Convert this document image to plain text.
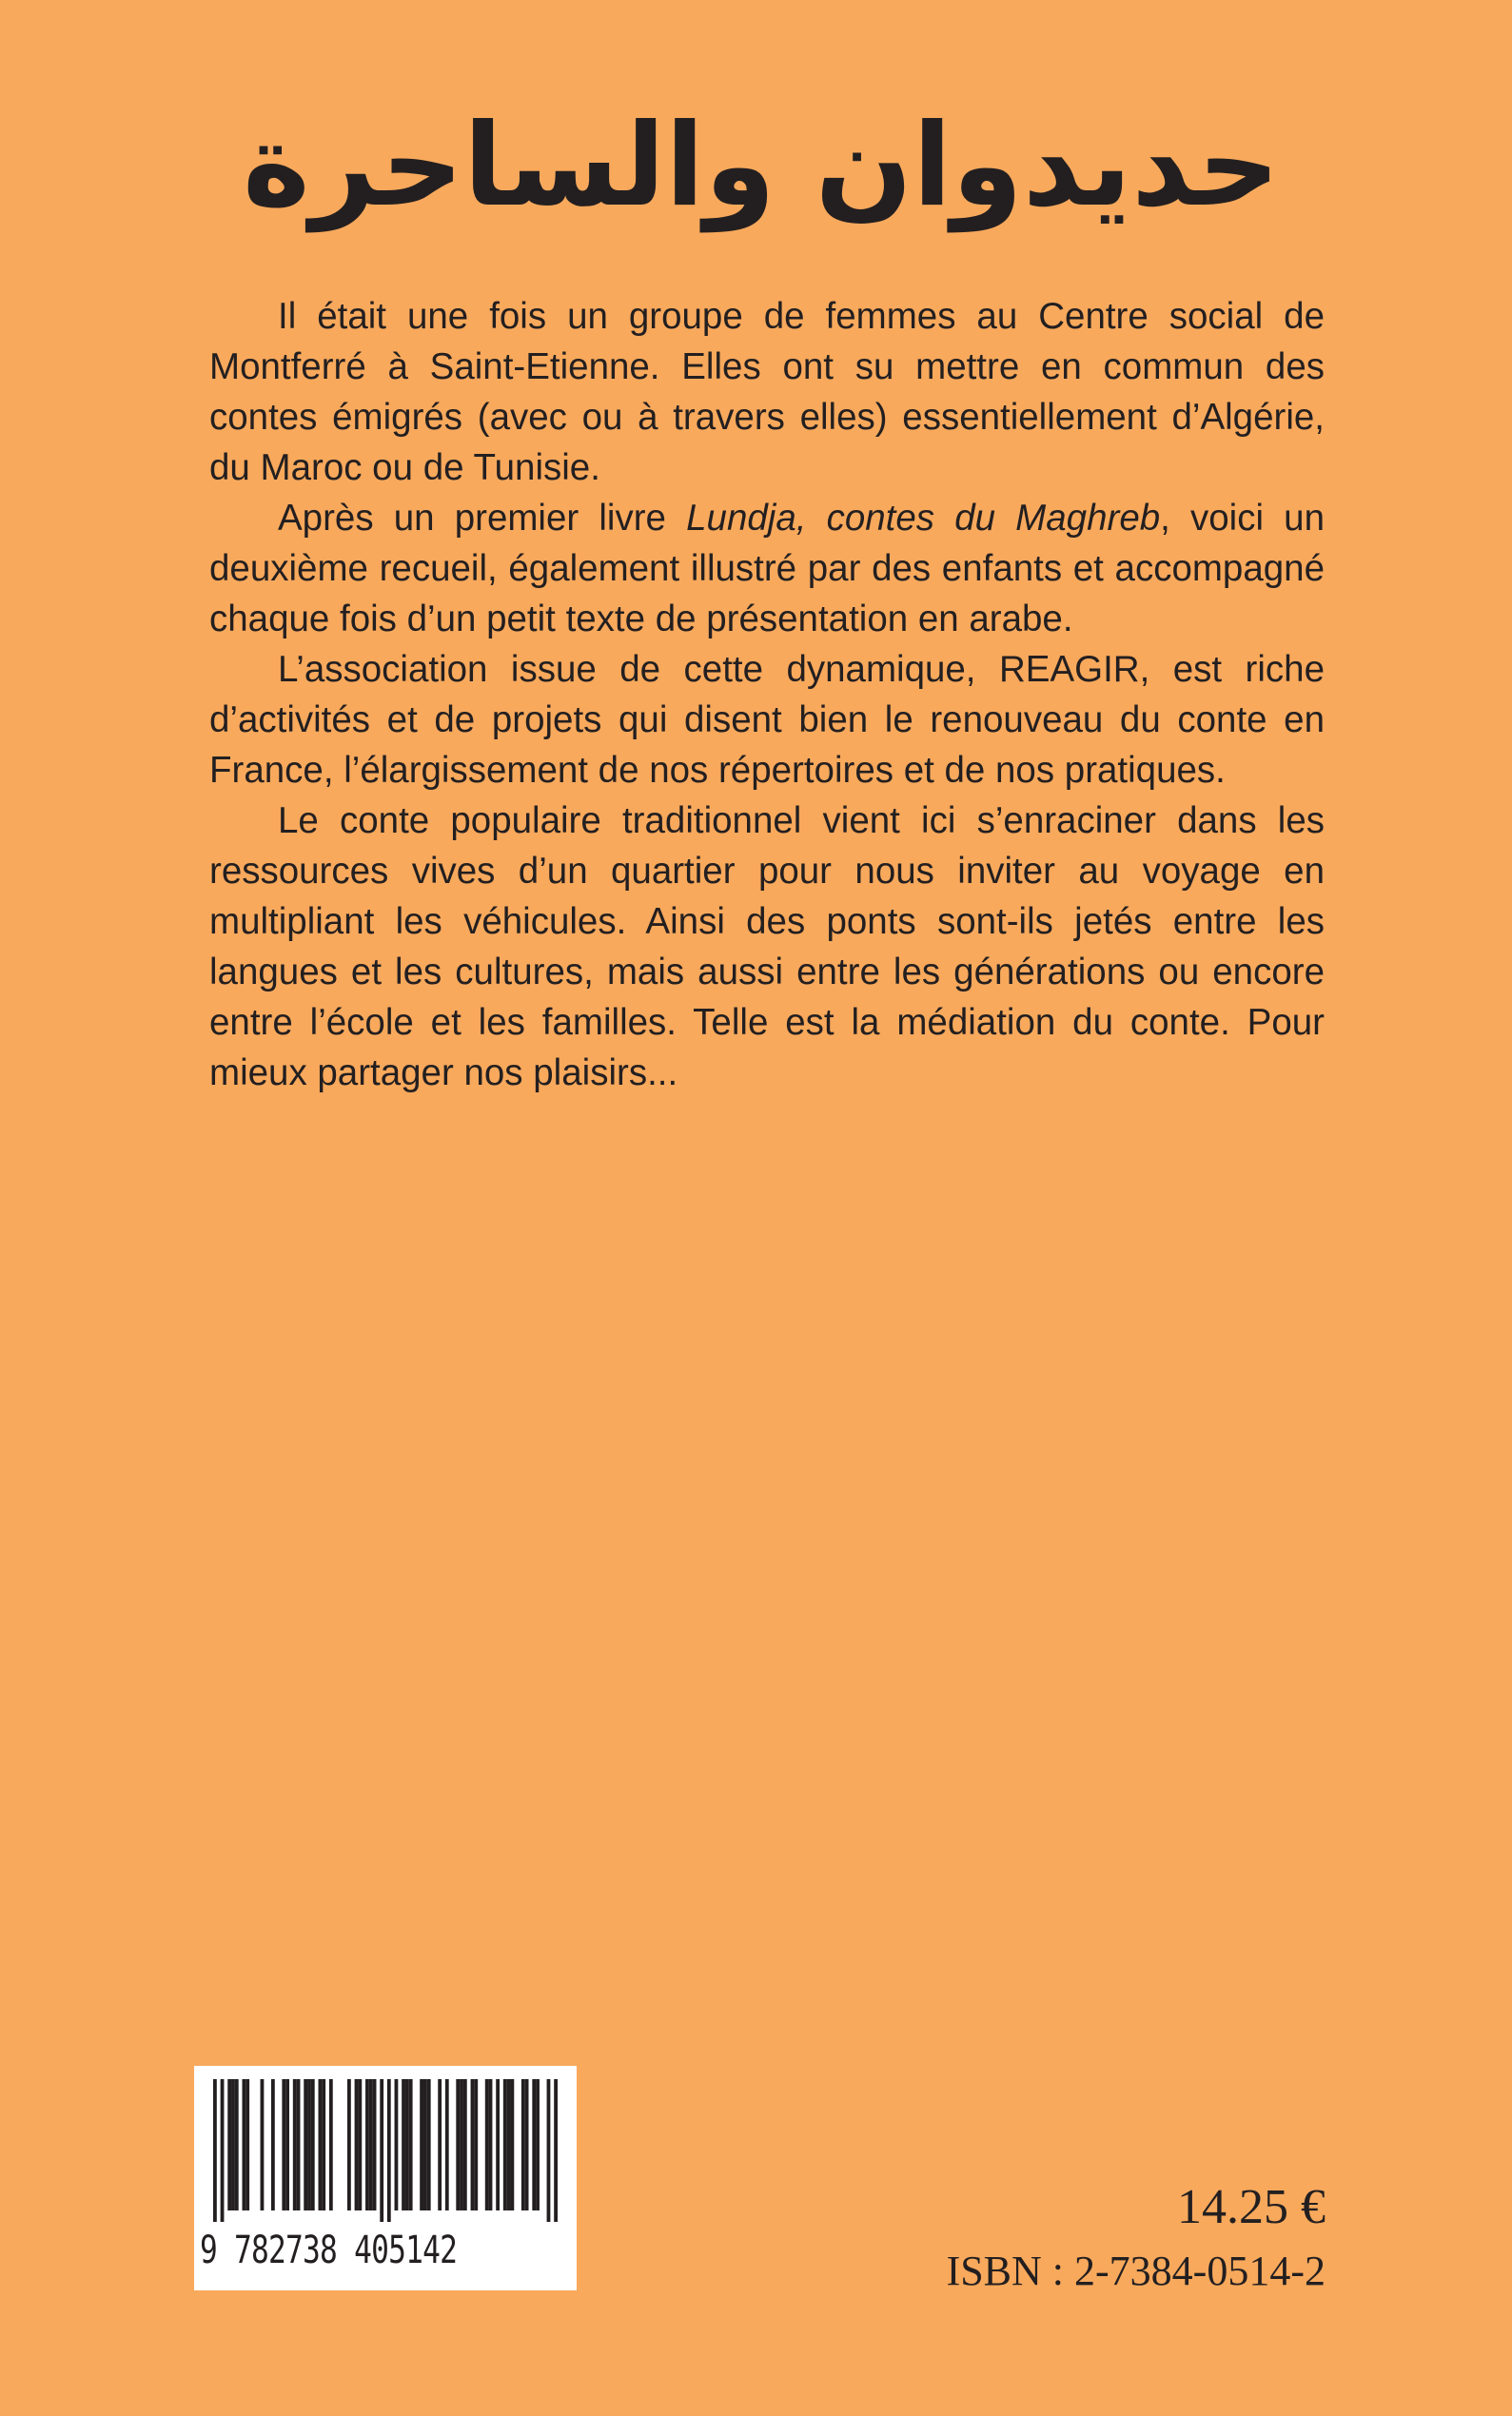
حديدوان والساحرة

Il était une fois un groupe de femmes au Centre social de Montferré à Saint-Etienne. Elles ont su mettre en commun des contes émigrés (avec ou à travers elles) essentiellement d’Algérie, du Maroc ou de Tunisie.

Après un premier livre Lundja, contes du Maghreb, voici un deuxième recueil, également illustré par des enfants et accompagné chaque fois d’un petit texte de présentation en arabe.

L’association issue de cette dynamique, REAGIR, est riche d’activités et de projets qui disent bien le renouveau du conte en France, l’élargissement de nos répertoires et de nos pratiques.

Le conte populaire traditionnel vient ici s’enraciner dans les ressources vives d’un quartier pour nous inviter au voyage en multipliant les véhicules. Ainsi des ponts sont-ils jetés entre les langues et les cultures, mais aussi entre les générations ou encore entre l’école et les familles. Telle est la médiation du conte. Pour mieux partager nos plaisirs...

9 782738 405142
14.25 €
ISBN : 2-7384-0514-2
